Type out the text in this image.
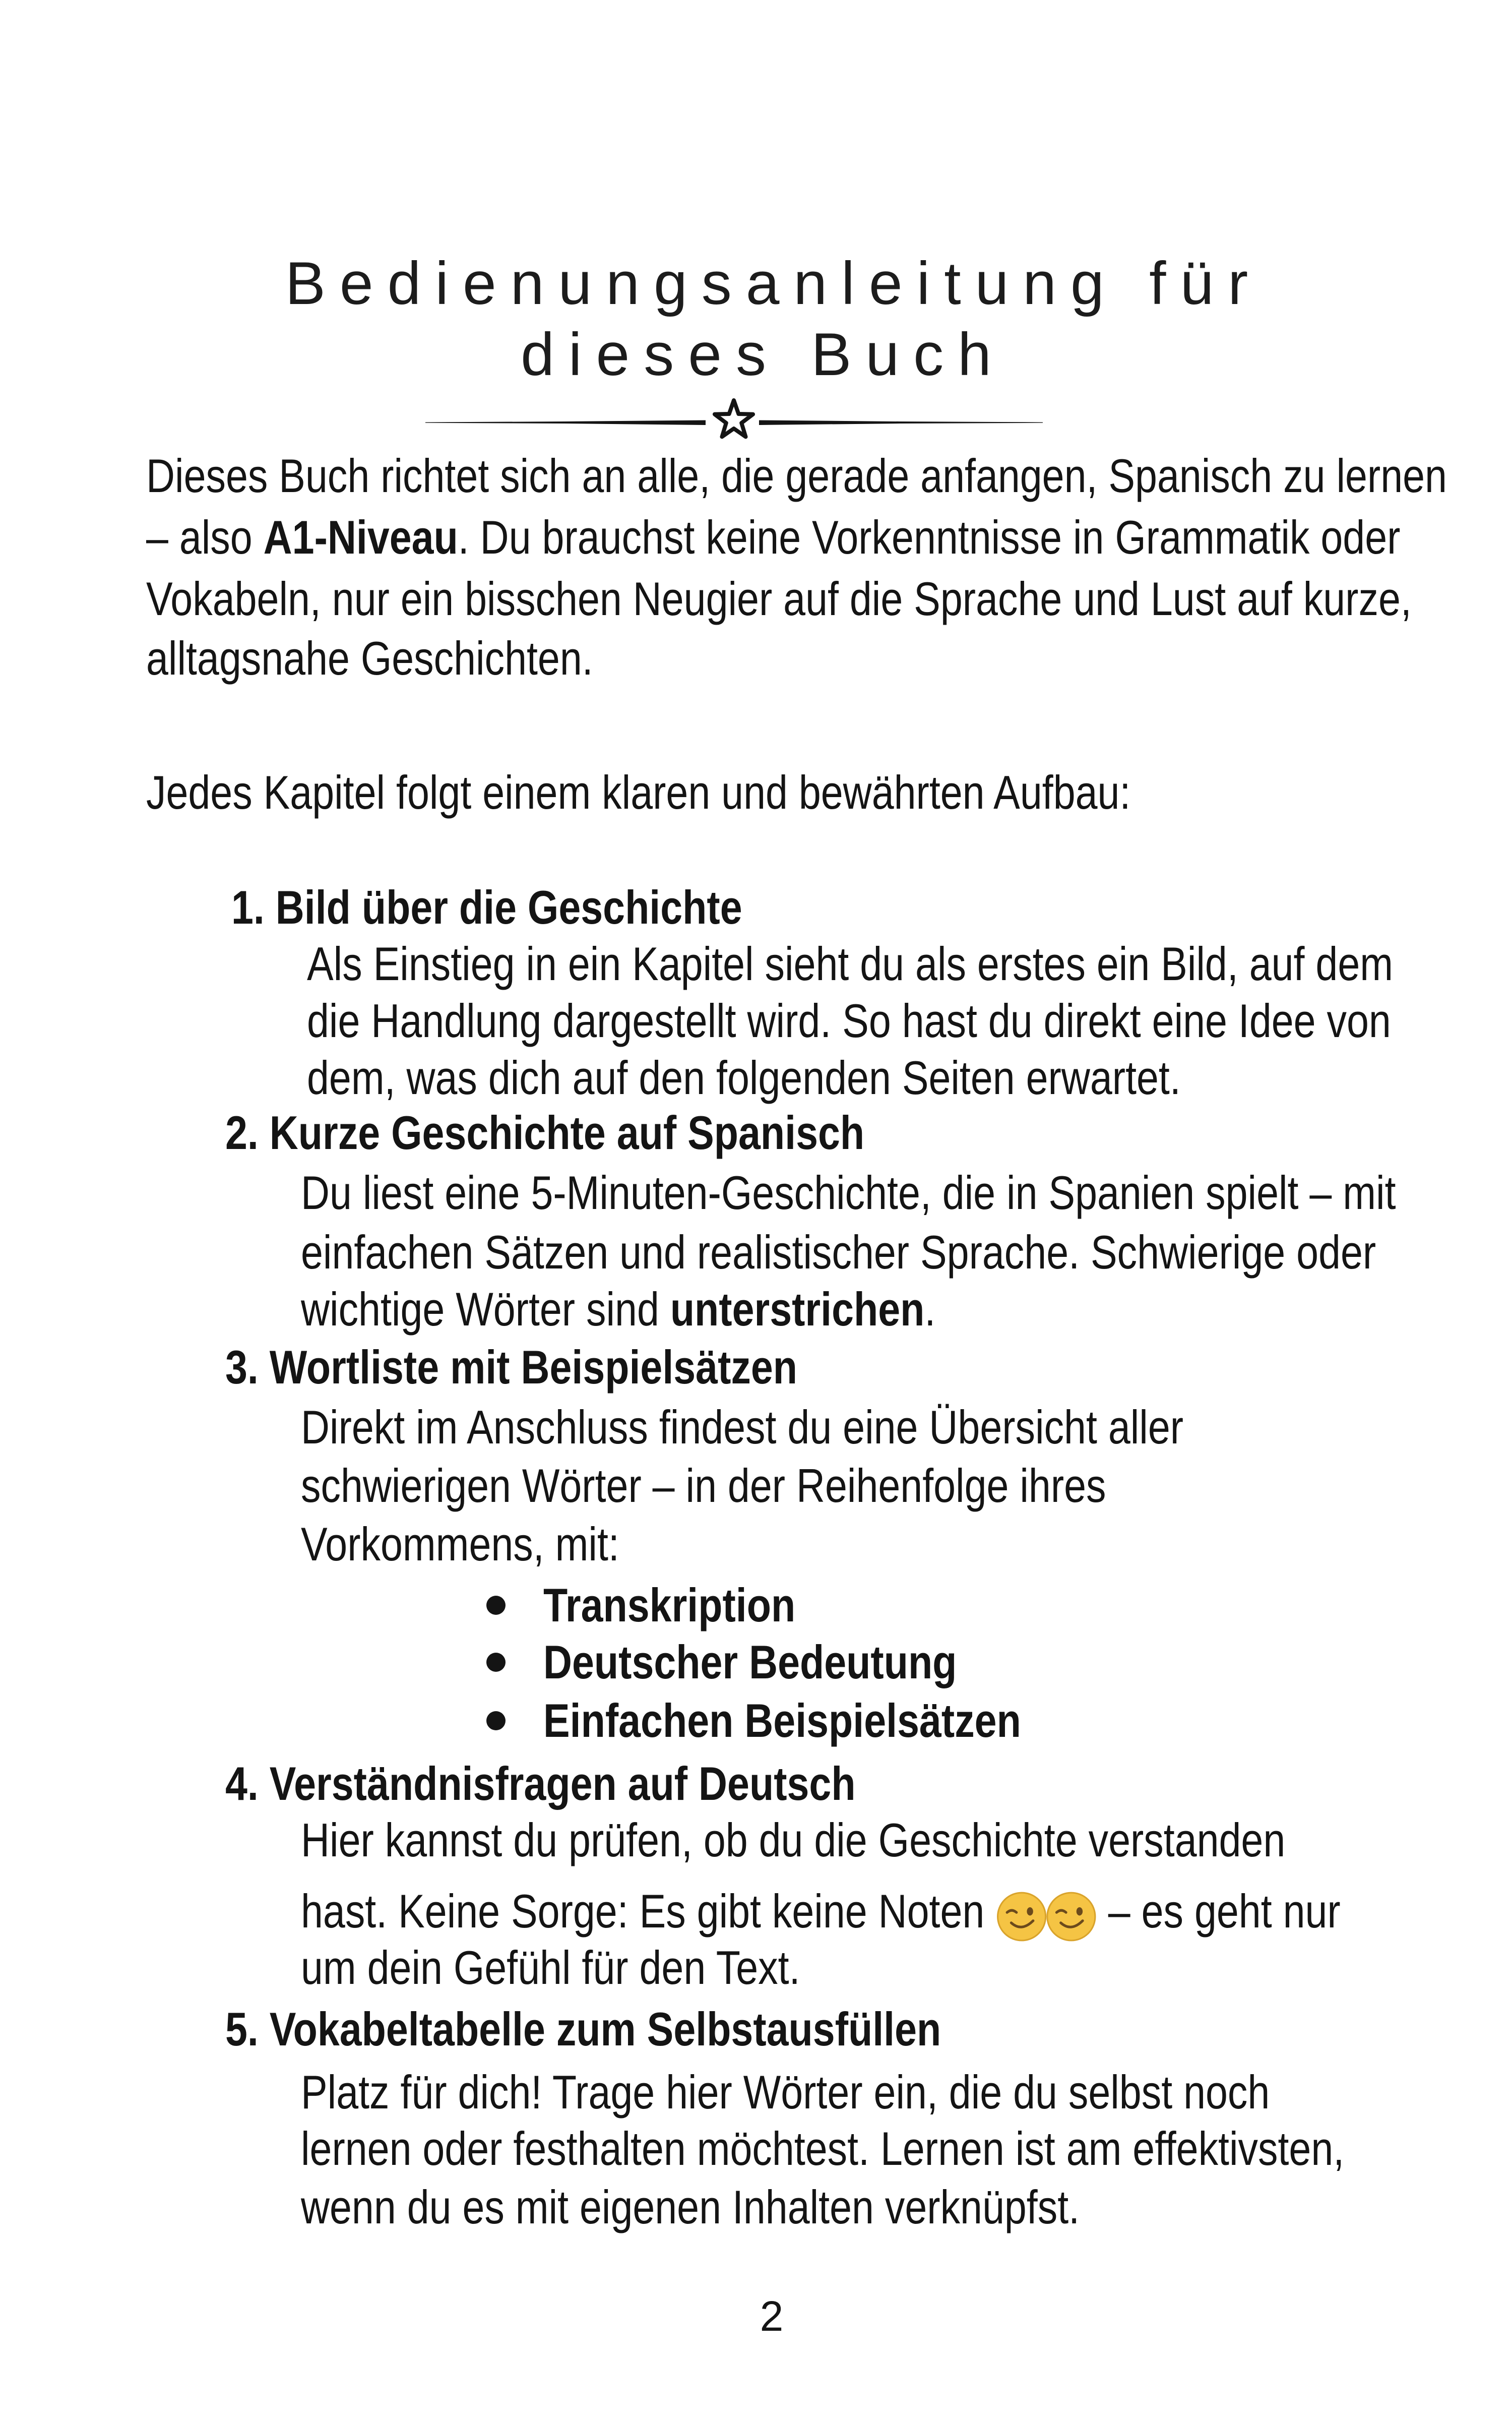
Bedienungsanleitung für
dieses Buch
Dieses Buch richtet sich an alle, die gerade anfangen, Spanisch zu lernen
– also A1-Niveau. Du brauchst keine Vorkenntnisse in Grammatik oder
Vokabeln, nur ein bisschen Neugier auf die Sprache und Lust auf kurze,
alltagsnahe Geschichten.
Jedes Kapitel folgt einem klaren und bewährten Aufbau:
1. Bild über die Geschichte
Als Einstieg in ein Kapitel sieht du als erstes ein Bild, auf dem
die Handlung dargestellt wird. So hast du direkt eine Idee von
dem, was dich auf den folgenden Seiten erwartet.
2. Kurze Geschichte auf Spanisch
Du liest eine 5-Minuten-Geschichte, die in Spanien spielt – mit
einfachen Sätzen und realistischer Sprache. Schwierige oder
wichtige Wörter sind unterstrichen.
3. Wortliste mit Beispielsätzen
Direkt im Anschluss findest du eine Übersicht aller
schwierigen Wörter – in der Reihenfolge ihres
Vorkommens, mit:
Transkription
Deutscher Bedeutung
Einfachen Beispielsätzen
4. Verständnisfragen auf Deutsch
Hier kannst du prüfen, ob du die Geschichte verstanden
hast. Keine Sorge: Es gibt keine Noten  – es geht nur
um dein Gefühl für den Text.
5. Vokabeltabelle zum Selbstausfüllen
Platz für dich! Trage hier Wörter ein, die du selbst noch
lernen oder festhalten möchtest. Lernen ist am effektivsten,
wenn du es mit eigenen Inhalten verknüpfst.
2
